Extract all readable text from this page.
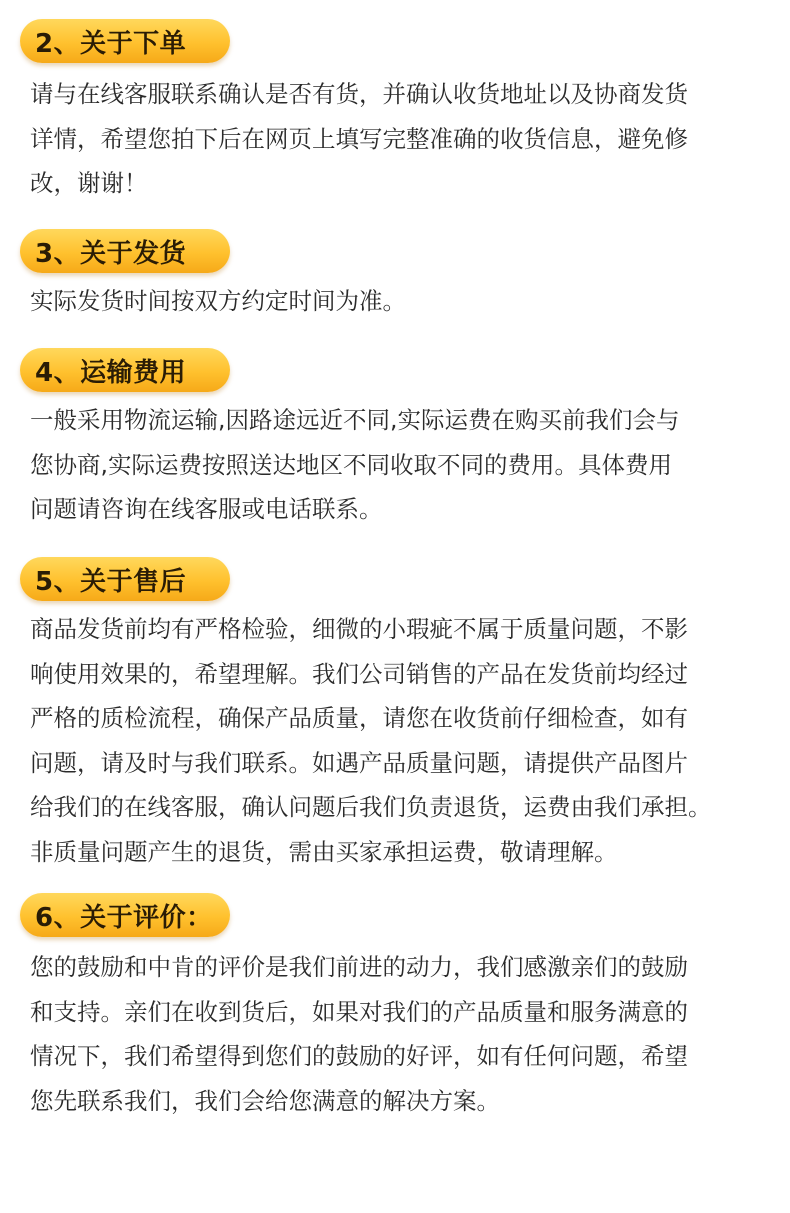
2、关于下单
请与在线客服联系确认是否有货，并确认收货地址以及协商发货
详情，希望您拍下后在网页上填写完整准确的收货信息，避免修
改，谢谢！
3、关于发货
实际发货时间按双方约定时间为准。
4、运输费用
一般采用物流运输,因路途远近不同,实际运费在购买前我们会与
您协商,实际运费按照送达地区不同收取不同的费用。具体费用
问题请咨询在线客服或电话联系。
5、关于售后
商品发货前均有严格检验，细微的小瑕疵不属于质量问题，不影
响使用效果的，希望理解。我们公司销售的产品在发货前均经过
严格的质检流程，确保产品质量，请您在收货前仔细检查，如有
问题，请及时与我们联系。如遇产品质量问题，请提供产品图片
给我们的在线客服，确认问题后我们负责退货，运费由我们承担。
非质量问题产生的退货，需由买家承担运费，敬请理解。
6、关于评价：
您的鼓励和中肯的评价是我们前进的动力，我们感激亲们的鼓励
和支持。亲们在收到货后，如果对我们的产品质量和服务满意的
情况下，我们希望得到您们的鼓励的好评，如有任何问题，希望
您先联系我们，我们会给您满意的解决方案。
